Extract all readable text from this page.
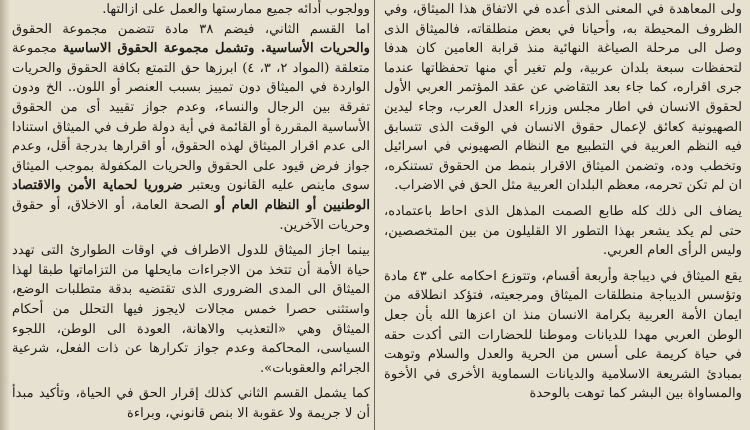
ولى المعاهدة في المعنى الذى أعده في الاتفاق هذا الميثاق، وفي الظروف المحيطة به، وأحيانا في بعض منطلقاته، فالميثاق الذى وصل الى مرحلة الصياغة النهائية منذ قرابة العامين كان هدفا لتحفظات سبعة بلدان عربية، ولم تغير أي منها تحفظاتها عندما جرى اقراره، كما جاء بعد التقاضي عن عقد المؤتمر العربي الأول لحقوق الانسان في اطار مجلس وزراء العدل العرب، وجاء ليدين الصهيونية كعائق لإعمال حقوق الانسان في الوقت الذى تتسابق فيه النظم العربية في التطبيع مع النظام الصهيوني في اسرائيل وتخطب وده، وتضمن الميثاق الاقرار بنمط من الحقوق تستنكره، ان لم تكن تحرمه، معظم البلدان العربية مثل الحق في الاضراب.

يضاف الى ذلك كله طابع الصمت المذهل الذى احاط باعتماده، حتى لم يكد يشعر بهذا التطور الا القليلون من بين المتخصصين، وليس الرأى العام العربي.

يقع الميثاق في ديباجة وأربعة أقسام، وتتوزع احكامه على ٤٣ مادة وتؤسس الديباجة منطلقات الميثاق ومرجعيته، فتؤكد انطلاقه من ايمان الأمة العربية بكرامة الانسان منذ ان اعزها الله بأن جعل الوطن العربي مهدا للديانات وموطنا للحضارات التى أكدت حقه في حياة كريمة على أسس من الحرية والعدل والسلام وتوهت بمبادئ الشريعة الاسلامية والديانات السماوية الأخرى في الأخوة والمساواة بين البشر كما توهت بالوحدة
وولجوب أدائه جميع ممارستها والعمل على ازالتها.
اما القسم الثاني، فيضم ٣٨ مادة تتضمن مجموعة الحقوق والحريات الأساسية. وتشمل مجموعة الحقوق الاساسية مجموعة متعلقة (المواد ٢، ٣، ٤) ابرزها حق التمتع بكافة الحقوق والحريات الواردة في الميثاق دون تمييز بسبب العنصر أو اللون.. الخ ودون تفرقة بين الرجال والنساء، وعدم جواز تقييد أى من الحقوق الأساسية المقررة أو القائمة في أية دولة طرف في الميثاق استنادا الى عدم اقرار الميثاق لهذه الحقوق، أو اقرارها بدرجة أقل، وعدم جواز فرض قيود على الحقوق والحريات المكفولة بموجب الميثاق سوى ماينص عليه القانون ويعتبر ضروريا لحماية الأمن والاقتصاد الوطنيين أو النظام العام أو الصحة العامة، أو الاخلاق، أو حقوق وحريات الآخرين.

بينما اجاز الميثاق للدول الاطراف في اوقات الطوارئ التى تهدد حياة الأمة أن تتخذ من الاجراءات مايحلها من التزاماتها طبقا لهذا الميثاق الى المدى الضرورى الذى تقتضيه بدقة متطلبات الوضع، واستثنى حصرا خمس مجالات لايجوز فيها التحلل من أحكام الميثاق وهي «التعذيب والاهانة، العودة الى الوطن، اللجوء السياسى، المحاكمة وعدم جواز تكرارها عن ذات الفعل، شرعية الجرائم والعقوبات».

كما يشمل القسم الثاني كذلك إقرار الحق في الحياة، وتأكيد مبدأ أن لا جريمة ولا عقوبة الا بنص قانوني، وبراءة
